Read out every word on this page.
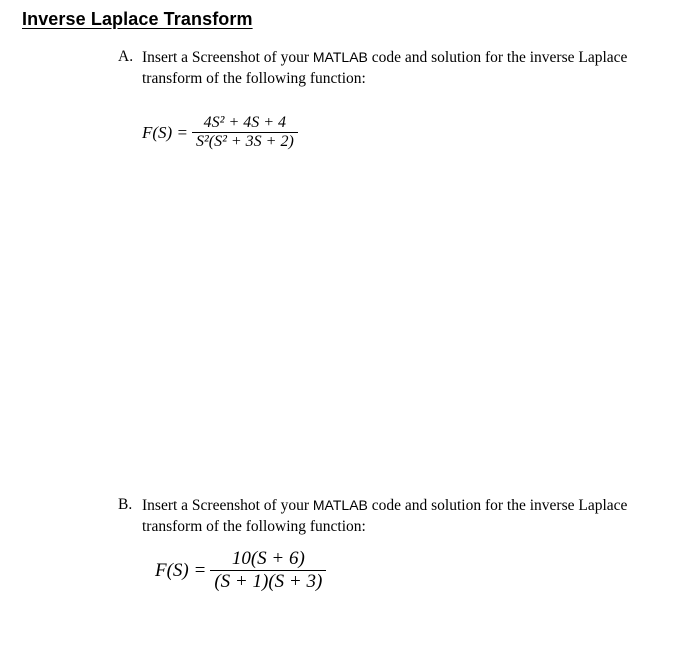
Inverse Laplace Transform
A. Insert a Screenshot of your MATLAB code and solution for the inverse Laplace
transform of the following function:
$F(S) = \frac{\text{4S² + 4S + 4}}{\text{S²(S² + 3S + 2)}}$
B. Insert a Screenshot of your MATLAB code and solution for the inverse Laplace
transform of the following function:
$F(S) = \frac{10(S + 6)}{(S + 1)(S + 3)}$
